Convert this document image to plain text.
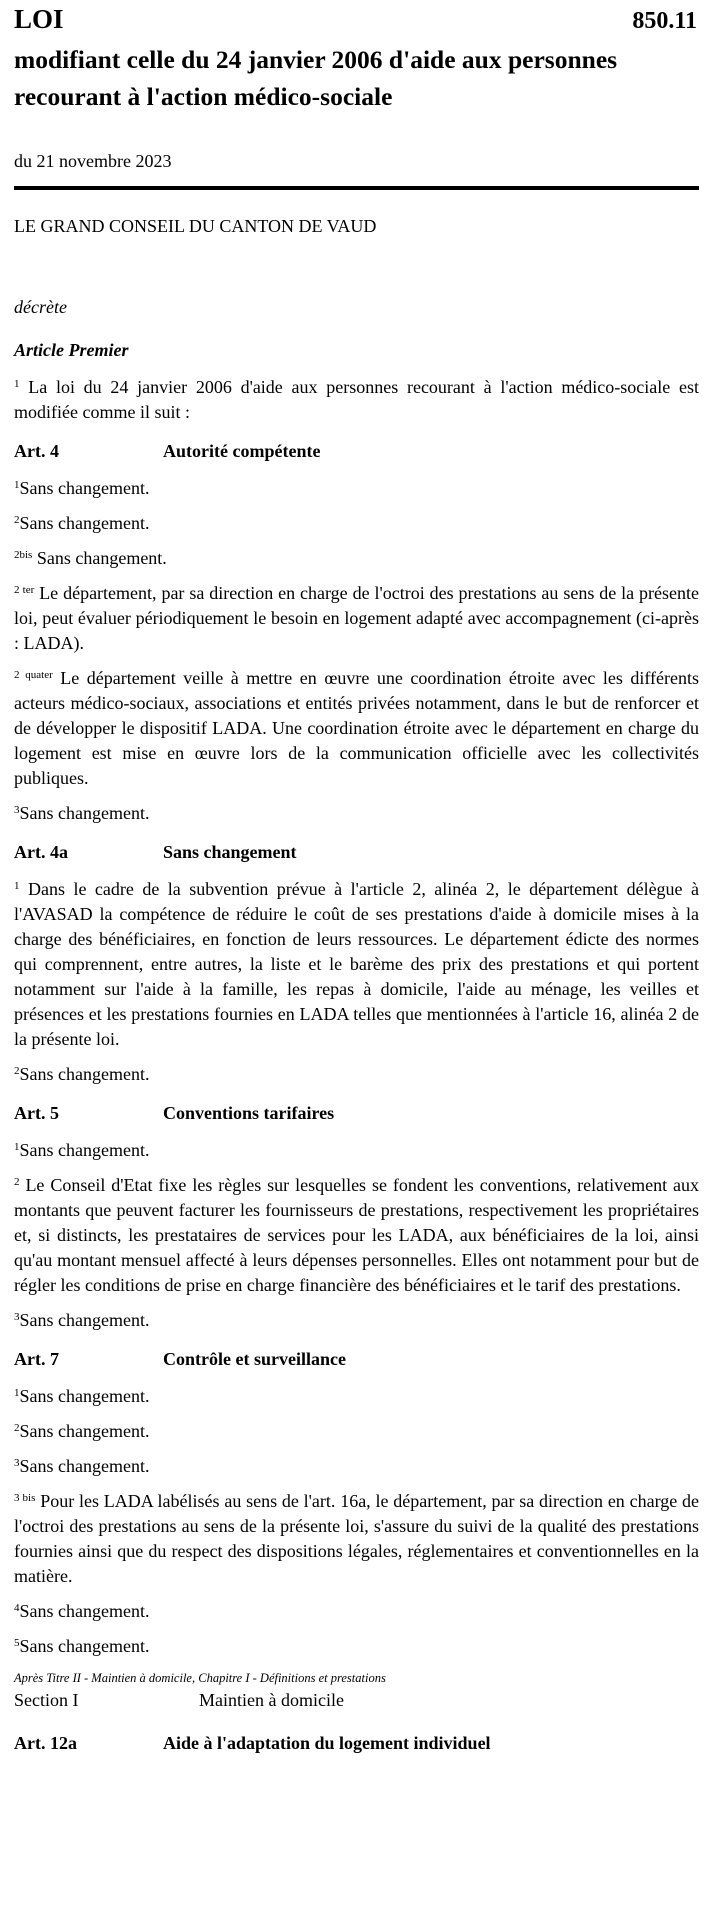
LOI	850.11
modifiant celle du 24 janvier 2006 d'aide aux personnes recourant à l'action médico-sociale
du 21 novembre 2023
LE GRAND CONSEIL DU CANTON DE VAUD
décrète
Article Premier

$^1$ La loi du 24 janvier 2006 d'aide aux personnes recourant à l'action médico-sociale est modifiée comme il suit :

Art. 4	Autorité compétente

$^1$Sans changement.

$^2$Sans changement.

$^{2bis}$ Sans changement.

$^{2 ter}$ Le département, par sa direction en charge de l'octroi des prestations au sens de la présente loi, peut évaluer périodiquement le besoin en logement adapté avec accompagnement (ci-après : LADA).

$^{2 quater}$ Le département veille à mettre en œuvre une coordination étroite avec les différents acteurs médico-sociaux, associations et entités privées notamment, dans le but de renforcer et de développer le dispositif LADA. Une coordination étroite avec le département en charge du logement est mise en œuvre lors de la communication officielle avec les collectivités publiques.

$^3$Sans changement.

Art. 4a	Sans changement

$^1$ Dans le cadre de la subvention prévue à l'article 2, alinéa 2, le département délègue à l'AVASAD la compétence de réduire le coût de ses prestations d'aide à domicile mises à la charge des bénéficiaires, en fonction de leurs ressources. Le département édicte des normes qui comprennent, entre autres, la liste et le barème des prix des prestations et qui portent notamment sur l'aide à la famille, les repas à domicile, l'aide au ménage, les veilles et présences et les prestations fournies en LADA telles que mentionnées à l'article 16, alinéa 2 de la présente loi.

$^2$Sans changement.

Art. 5	Conventions tarifaires

$^1$Sans changement.

$^2$ Le Conseil d'Etat fixe les règles sur lesquelles se fondent les conventions, relativement aux montants que peuvent facturer les fournisseurs de prestations, respectivement les propriétaires et, si distincts, les prestataires de services pour les LADA, aux bénéficiaires de la loi, ainsi qu'au montant mensuel affecté à leurs dépenses personnelles. Elles ont notamment pour but de régler les conditions de prise en charge financière des bénéficiaires et le tarif des prestations.

$^3$Sans changement.

Art. 7	Contrôle et surveillance

$^1$Sans changement.

$^2$Sans changement.

$^3$Sans changement.

$^{3 bis}$ Pour les LADA labélisés au sens de l'art. 16a, le département, par sa direction en charge de l'octroi des prestations au sens de la présente loi, s'assure du suivi de la qualité des prestations fournies ainsi que du respect des dispositions légales, réglementaires et conventionnelles en la matière.

$^4$Sans changement.

$^5$Sans changement.

Après Titre II - Maintien à domicile, Chapitre I - Définitions et prestations
Section I	Maintien à domicile
Art. 12a	Aide à l'adaptation du logement individuel
